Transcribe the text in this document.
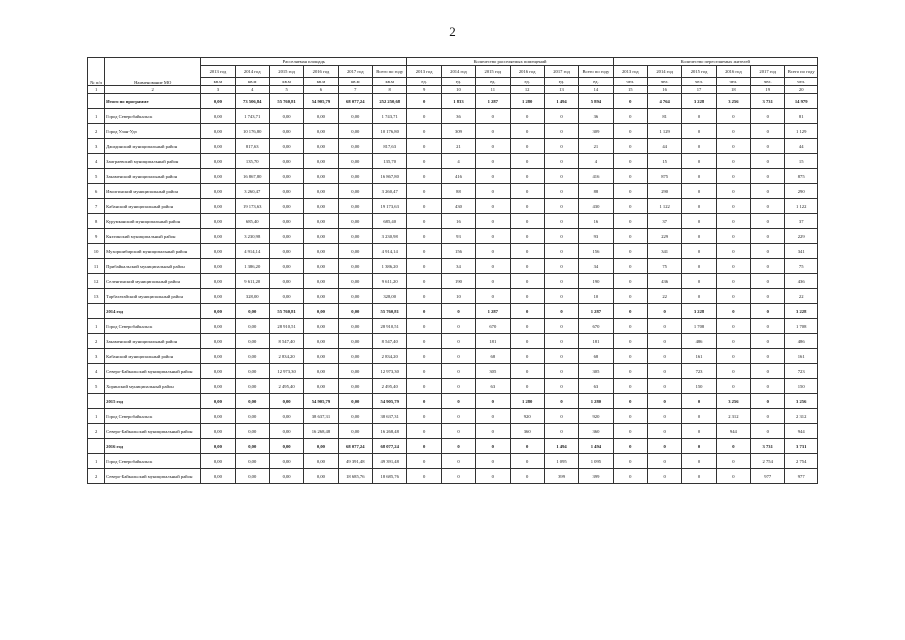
2
№ п/п	Наименование МО	Расселяемая площадь						Количество расселяемых помещений						Количество переселяемых жителей					
		2013 год	2014 год	2015 год	2016 год	2017 год	Всего по году	2013 год	2014 год	2015 год	2016 год	2017 год	Всего по году	2013 год	2014 год	2015 год	2016 год	2017 год	Всего по году
		кв.м	кв.м	кв.м	кв.м	кв.м	кв.м	ед.	ед.	ед.	ед.	ед.	ед.	чел.	чел.	чел.	чел.	чел.	чел.
1	2	3	4	5	6	7	8	9	10	11	12	13	14	15	16	17	18	19	20
	Итого по программе	0,00	73 506,84	55 760,81	54 905,79	68 077,24	252 250,68	0	1 833	1 287	1 280	1 494	5 894	0	4 764	3 228	3 256	3 731	14 979
1	Город Северобайкальск	0,00	1 743,71	0,00	0,00	0,00	1 743,71	0	36	0	0	0	36	0	81	0	0	0	81
2	Город Улан-Удэ	0,00	10 176,80	0,00	0,00	0,00	10 176,80	0	309	0	0	0	309	0	1 129	0	0	0	1 129
3	Джидинский муниципальный район	0,00	817,63	0,00	0,00	0,00	817,63	0	21	0	0	0	21	0	44	0	0	0	44
4	Заиграевский муниципальный район	0,00	135,70	0,00	0,00	0,00	135,70	0	4	0	0	0	4	0	15	0	0	0	15
5	Закаменский муниципальный район	0,00	16 867,80	0,00	0,00	0,00	16 867,80	0	416	0	0	0	416	0	875	0	0	0	875
6	Иволгинский муниципальный район	0,00	3 260,47	0,00	0,00	0,00	3 260,47	0	88	0	0	0	88	0	290	0	0	0	290
7	Кабанский муниципальный район	0,00	19 173,63	0,00	0,00	0,00	19 173,63	0	430	0	0	0	430	0	1 122	0	0	0	1 122
8	Курумканский муниципальный район	0,00	685,40	0,00	0,00	0,00	685,40	0	16	0	0	0	16	0	37	0	0	0	37
9	Кяхтинский муниципальный район	0,00	3 230,98	0,00	0,00	0,00	3 230,98	0	93	0	0	0	93	0	229	0	0	0	229
10	Мухоршибирский муниципальный район	0,00	4 914,14	0,00	0,00	0,00	4 914,14	0	156	0	0	0	156	0	341	0	0	0	341
11	Прибайкальский муниципальный район	0,00	1 386,20	0,00	0,00	0,00	1 386,20	0	34	0	0	0	34	0	75	0	0	0	75
12	Селенгинский муниципальный район	0,00	9 611,20	0,00	0,00	0,00	9 611,20	0	190	0	0	0	190	0	436	0	0	0	436
13	Тарбагатайский муниципальный район	0,00	328,00	0,00	0,00	0,00	328,00	0	10	0	0	0	10	0	22	0	0	0	22
	2014 год	0,00	0,00	55 760,81	0,00	0,00	55 760,81	0	0	1 287	0	0	1 287	0	0	3 228	0	0	3 228
1	Город Северобайкальск	0,00	0,00	28 910,51	0,00	0,00	28 910,51	0	0	670	0	0	670	0	0	1 708	0	0	1 708
2	Закаменский муниципальный район	0,00	0,00	8 547,40	0,00	0,00	8 547,40	0	0	181	0	0	181	0	0	486	0	0	486
3	Кабанский муниципальный район	0,00	0,00	2 834,20	0,00	0,00	2 834,20	0	0	68	0	0	68	0	0	161	0	0	161
4	Северо-Байкальский муниципальный район	0,00	0,00	12 973,30	0,00	0,00	12 973,30	0	0	305	0	0	305	0	0	723	0	0	723
5	Хоринский муниципальный район	0,00	0,00	2 495,40	0,00	0,00	2 495,40	0	0	63	0	0	63	0	0	150	0	0	150
	2015 год	0,00	0,00	0,00	54 905,79	0,00	54 905,79	0	0	0	1 280	0	1 280	0	0	0	3 256	0	3 256
1	Город Северобайкальск	0,00	0,00	0,00	38 637,31	0,00	38 637,31	0	0	0	920	0	920	0	0	0	2 312	0	2 312
2	Северо-Байкальский муниципальный район	0,00	0,00	0,00	16 268,48	0,00	16 268,48	0	0	0	360	0	360	0	0	0	944	0	944
	2016 год	0,00	0,00	0,00	0,00	68 077,24	68 077,24	0	0	0	0	1 494	1 494	0	0	0	0	3 731	3 731
1	Город Северобайкальск	0,00	0,00	0,00	0,00	49 391,48	49 391,48	0	0	0	0	1 095	1 095	0	0	0	0	2 754	2 754
2	Северо-Байкальский муниципальный район	0,00	0,00	0,00	0,00	18 685,76	18 685,76	0	0	0	0	399	399	0	0	0	0	977	977
